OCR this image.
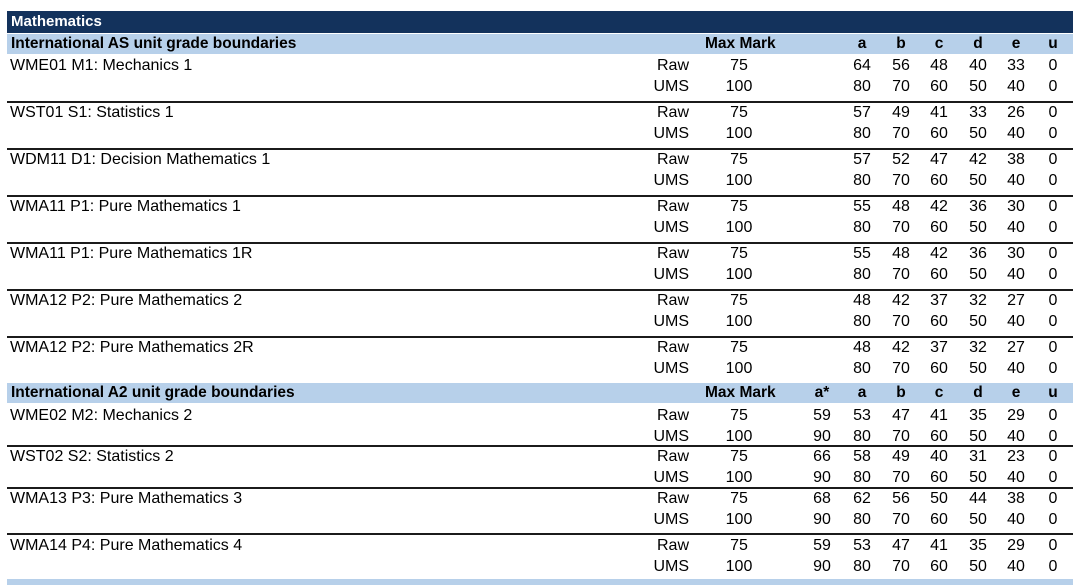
Mathematics
International AS unit grade boundaries	Max Mark	a	b	c	d	e	u
WME01 M1: Mechanics 1	Raw	75	64	56	48	40	33	0
UMS	100	80	70	60	50	40	0
WST01 S1: Statistics 1	Raw	75	57	49	41	33	26	0
UMS	100	80	70	60	50	40	0
WDM11 D1: Decision Mathematics 1	Raw	75	57	52	47	42	38	0
UMS	100	80	70	60	50	40	0
WMA11 P1: Pure Mathematics 1	Raw	75	55	48	42	36	30	0
UMS	100	80	70	60	50	40	0
WMA11 P1: Pure Mathematics 1R	Raw	75	55	48	42	36	30	0
UMS	100	80	70	60	50	40	0
WMA12 P2: Pure Mathematics 2	Raw	75	48	42	37	32	27	0
UMS	100	80	70	60	50	40	0
WMA12 P2: Pure Mathematics 2R	Raw	75	48	42	37	32	27	0
UMS	100	80	70	60	50	40	0
International A2 unit grade boundaries	Max Mark	a*	a	b	c	d	e	u
WME02 M2: Mechanics 2	Raw	75	59	53	47	41	35	29	0
UMS	100	90	80	70	60	50	40	0
WST02 S2: Statistics 2	Raw	75	66	58	49	40	31	23	0
UMS	100	90	80	70	60	50	40	0
WMA13 P3: Pure Mathematics 3	Raw	75	68	62	56	50	44	38	0
UMS	100	90	80	70	60	50	40	0
WMA14 P4: Pure Mathematics 4	Raw	75	59	53	47	41	35	29	0
UMS	100	90	80	70	60	50	40	0
